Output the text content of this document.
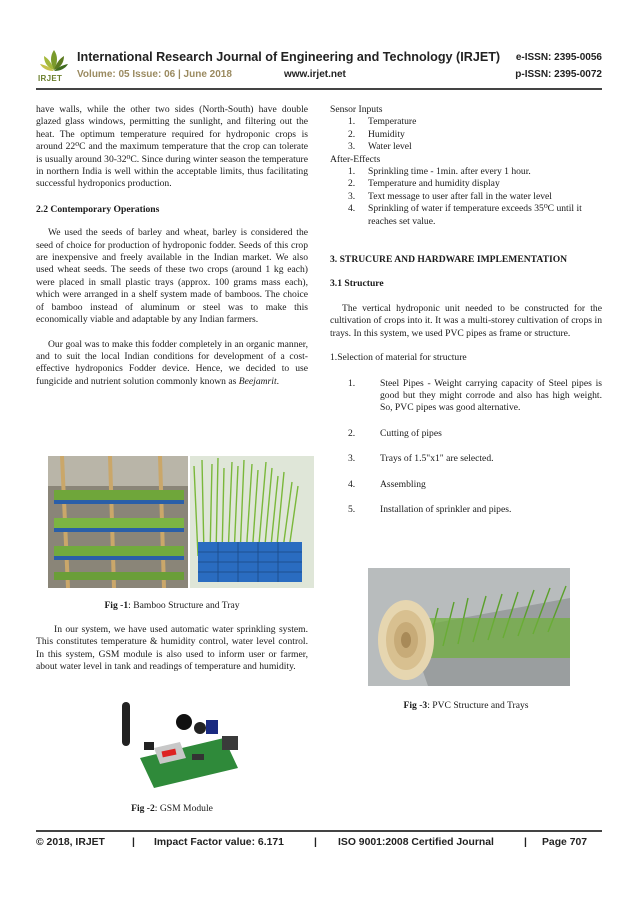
IRJET
International Research Journal of Engineering and Technology (IRJET) e-ISSN: 2395-0056
Volume: 05 Issue: 06 | June 2018	www.irjet.net	p-ISSN: 2395-0072

have walls, while the other two sides (North-South) have double glazed glass windows, permitting the sunlight, and filtering out the heat. The optimum temperature required for hydroponic crops is around 22⁰C and the maximum temperature that the crop can tolerate is usually around 30-32⁰C. Since during winter season the temperature in northern India is well within the acceptable limits, thus facilitating successful hydroponics production.

2.2 Contemporary Operations

We used the seeds of barley and wheat, barley is considered the seed of choice for production of hydroponic fodder. Seeds of this crop are inexpensive and freely available in the Indian market. We also used wheat seeds. The seeds of these two crops (around 1 kg each) were placed in small plastic trays (approx. 100 grams mass each), which were arranged in a shelf system made of bamboos. The choice of bamboo instead of aluminum or steel was to make this economically viable and adaptable by any Indian farmers.

Our goal was to make this fodder completely in an organic manner, and to suit the local Indian conditions for development of a cost-effective hydroponics Fodder device. Hence, we decided to use fungicide and nutrient solution commonly known as Beejamrit.

Fig -1: Bamboo Structure and Tray

In our system, we have used automatic water sprinkling system. This constitutes temperature & humidity control, water level control. In this system, GSM module is also used to inform user or farmer, about water level in tank and readings of temperature and humidity.

Fig -2: GSM Module
Sensor Inputs
1. Temperature
2. Humidity
3. Water level
After-Effects
1. Sprinkling time - 1min. after every 1 hour.
2. Temperature and humidity display
3. Text message to user after fall in the water level
4. Sprinkling of water if temperature exceeds 35⁰C until it reaches set value.
3. STRUCURE AND HARDWARE IMPLEMENTATION
3.1 Structure

The vertical hydroponic unit needed to be constructed for the cultivation of crops into it. It was a multi-storey cultivation of crops in trays. In this system, we used PVC pipes as frame or structure.

1.Selection of material for structure
1.	Steel Pipes - Weight carrying capacity of Steel pipes is good but they might corrode and also has high weight. So, PVC pipes was good alternative.
2.	Cutting of pipes
3.	Trays of 1.5"x1" are selected.
4.	Assembling
5.	Installation of sprinkler and pipes.
Fig -3: PVC Structure and Trays
© 2018, IRJET	| Impact Factor value: 6.171	| ISO 9001:2008 Certified Journal	| Page 707
